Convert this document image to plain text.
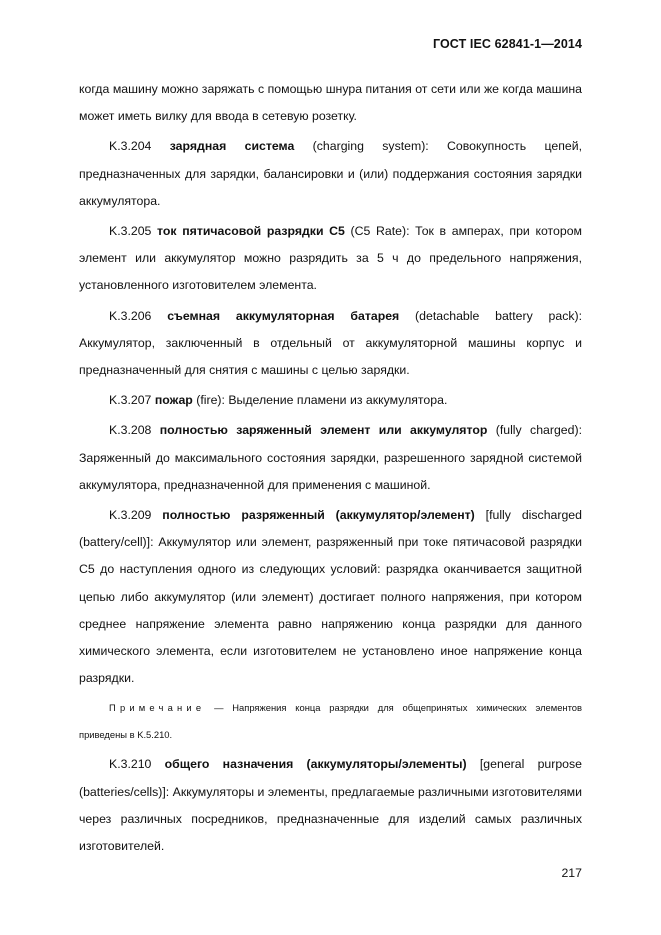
ГОСТ IEC 62841-1—2014

когда машину можно заряжать с помощью шнура питания от сети или же когда машина может иметь вилку для ввода в сетевую розетку.

K.3.204 зарядная система (charging system): Совокупность цепей, предназначенных для зарядки, балансировки и (или) поддержания состояния зарядки аккумулятора.

K.3.205 ток пятичасовой разрядки С5 (C5 Rate): Ток в амперах, при котором элемент или аккумулятор можно разрядить за 5 ч до предельного напряжения, установленного изготовителем элемента.

K.3.206 съемная аккумуляторная батарея (detachable battery pack): Аккумулятор, заключенный в отдельный от аккумуляторной машины корпус и предназначенный для снятия с машины с целью зарядки.

K.3.207 пожар (fire): Выделение пламени из аккумулятора.

K.3.208 полностью заряженный элемент или аккумулятор (fully charged): Заряженный до максимального состояния зарядки, разрешенного зарядной системой аккумулятора, предназначенной для применения с машиной.

K.3.209 полностью разряженный (аккумулятор/элемент) [fully discharged (battery/cell)]: Аккумулятор или элемент, разряженный при токе пятичасовой разрядки С5 до наступления одного из следующих условий: разрядка оканчивается защитной цепью либо аккумулятор (или элемент) достигает полного напряжения, при котором среднее напряжение элемента равно напряжению конца разрядки для данного химического элемента, если изготовителем не установлено иное напряжение конца разрядки.

Примечание — Напряжения конца разрядки для общепринятых химических элементов приведены в K.5.210.

K.3.210 общего назначения (аккумуляторы/элементы) [general purpose (batteries/cells)]: Аккумуляторы и элементы, предлагаемые различными изготовителями через различных посредников, предназначенные для изделий самых различных изготовителей.

217
